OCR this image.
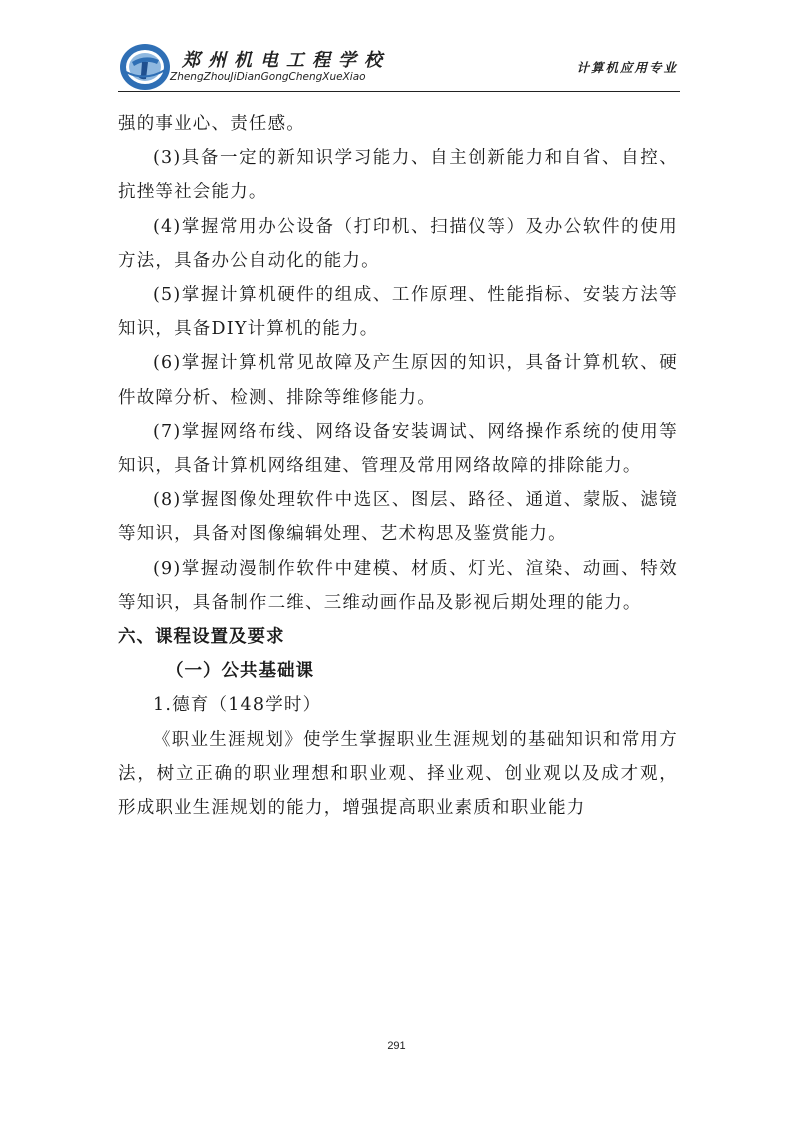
郑州机电工程学校
ZhengZhouJiDianGongChengXueXiao
计算机应用专业

强的事业心、责任感。

(3)具备一定的新知识学习能力、自主创新能力和自省、自控、抗挫等社会能力。

(4)掌握常用办公设备（打印机、扫描仪等）及办公软件的使用方法，具备办公自动化的能力。

(5)掌握计算机硬件的组成、工作原理、性能指标、安装方法等知识，具备DIY计算机的能力。

(6)掌握计算机常见故障及产生原因的知识，具备计算机软、硬件故障分析、检测、排除等维修能力。

(7)掌握网络布线、网络设备安装调试、网络操作系统的使用等知识，具备计算机网络组建、管理及常用网络故障的排除能力。

(8)掌握图像处理软件中选区、图层、路径、通道、蒙版、滤镜等知识，具备对图像编辑处理、艺术构思及鉴赏能力。

(9)掌握动漫制作软件中建模、材质、灯光、渲染、动画、特效等知识，具备制作二维、三维动画作品及影视后期处理的能力。

六、课程设置及要求
（一）公共基础课

1.德育（148学时）

《职业生涯规划》使学生掌握职业生涯规划的基础知识和常用方法，树立正确的职业理想和职业观、择业观、创业观以及成才观，形成职业生涯规划的能力，增强提高职业素质和职业能力

291
